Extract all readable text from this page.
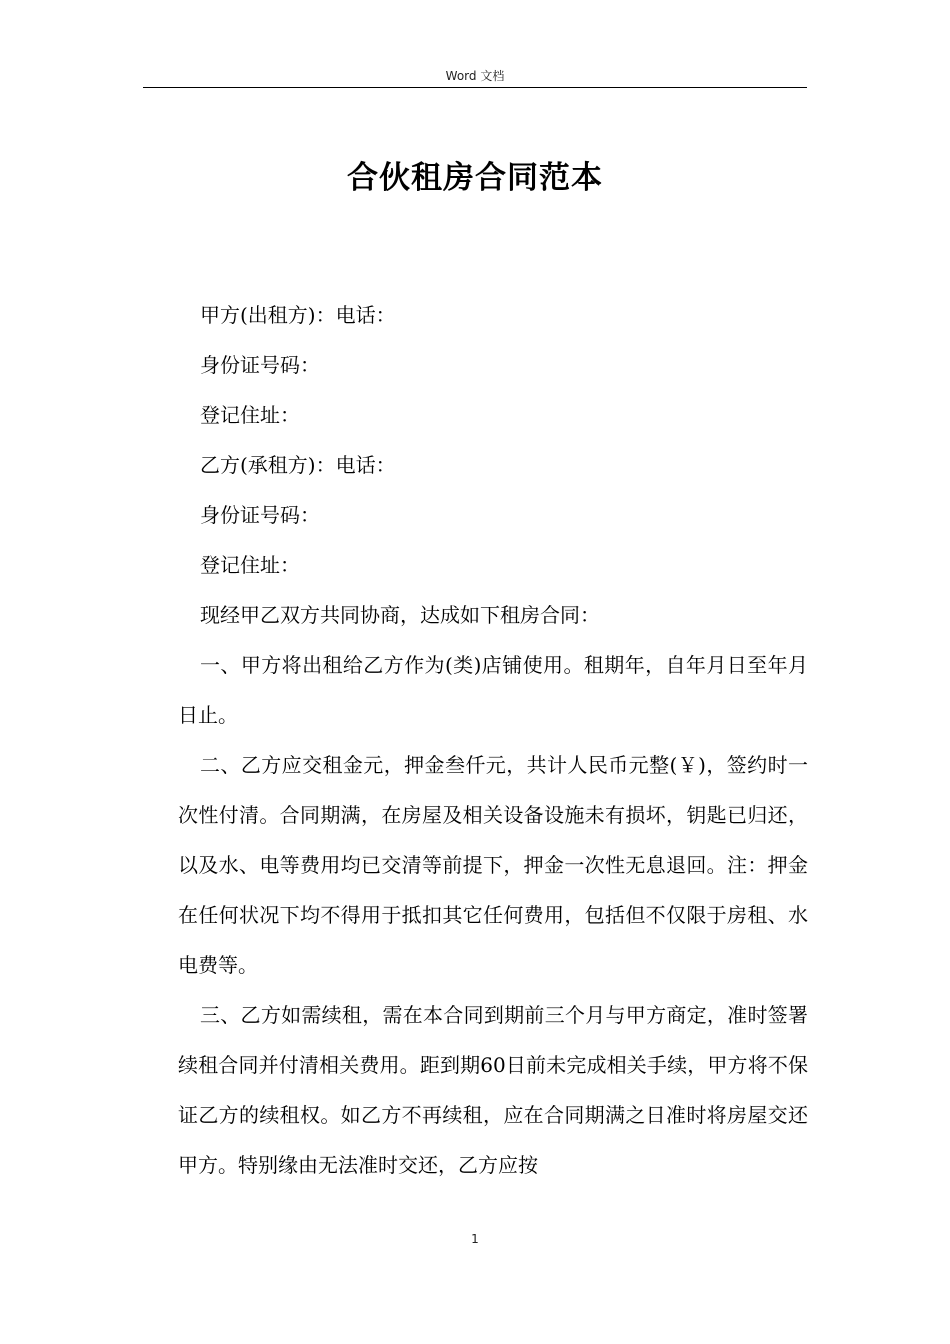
Word 文档
合伙租房合同范本

甲方(出租方)：电话：

身份证号码：

登记住址：

乙方(承租方)：电话：

身份证号码：

登记住址：

现经甲乙双方共同协商，达成如下租房合同：

一、甲方将出租给乙方作为(类)店铺使用。租期年，自年月日至年月日止。

二、乙方应交租金元，押金叁仟元，共计人民币元整(￥)，签约时一次性付清。合同期满，在房屋及相关设备设施未有损坏，钥匙已归还，以及水、电等费用均已交清等前提下，押金一次性无息退回。注：押金在任何状况下均不得用于抵扣其它任何费用，包括但不仅限于房租、水电费等。

三、乙方如需续租，需在本合同到期前三个月与甲方商定，准时签署续租合同并付清相关费用。距到期60日前未完成相关手续，甲方将不保证乙方的续租权。如乙方不再续租，应在合同期满之日准时将房屋交还甲方。特别缘由无法准时交还，乙方应按

1
